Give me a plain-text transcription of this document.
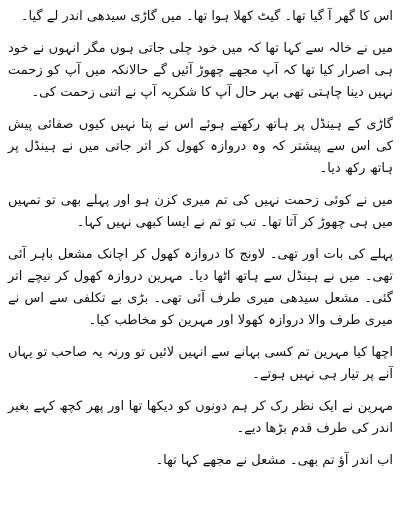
اس کا گھر آ گیا تھا۔ گیٹ کھلا ہوا تھا۔ میں گاڑی سیدھی اندر لے گیا۔

میں نے خالہ سے کہا تھا کہ میں خود چلی جاتی ہوں مگر انہوں نے خود ہی اصرار کیا تھا کہ آپ مجھے چھوڑ آئیں گے حالانکہ میں آپ کو زحمت نہیں دینا چاہتی تھی بہر حال آپ کا شکریہ آپ نے اتنی زحمت کی۔

گاڑی کے ہینڈل پر ہاتھ رکھتے ہوئے اس نے پتا نہیں کیوں صفائی پیش کی اس سے پیشتر کہ وہ دروازہ کھول کر اتر جاتی میں نے ہینڈل پر ہاتھ رکھ دیا۔

میں نے کوئی زحمت نہیں کی تم میری کزن ہو اور پہلے بھی تو تمہیں میں ہی چھوڑ کر آتا تھا۔ تب تو تم نے ایسا کبھی نہیں کہا۔

پہلے کی بات اور تھی۔ لاونج کا دروازہ کھول کر اچانک مشعل باہر آئی تھی۔ میں نے ہینڈل سے ہاتھ اٹھا دیا۔ مہرین دروازہ کھول کر نیچے اتر گئی۔ مشعل سیدھی میری طرف آئی تھی۔ بڑی بے تکلفی سے اس نے میری طرف والا دروازہ کھولا اور مہرین کو مخاطب کیا۔

اچھا کیا مہرین تم کسی بہانے سے انہیں لائیں تو ورنہ یہ صاحب تو یہاں آنے پر تیار ہی نہیں ہوتے۔

مہرین نے ایک نظر رک کر ہم دونوں کو دیکھا تھا اور پھر کچھ کہے بغیر اندر کی طرف قدم بڑھا دیے۔

اب اندر آؤ تم بھی۔ مشعل نے مجھے کہا تھا۔
